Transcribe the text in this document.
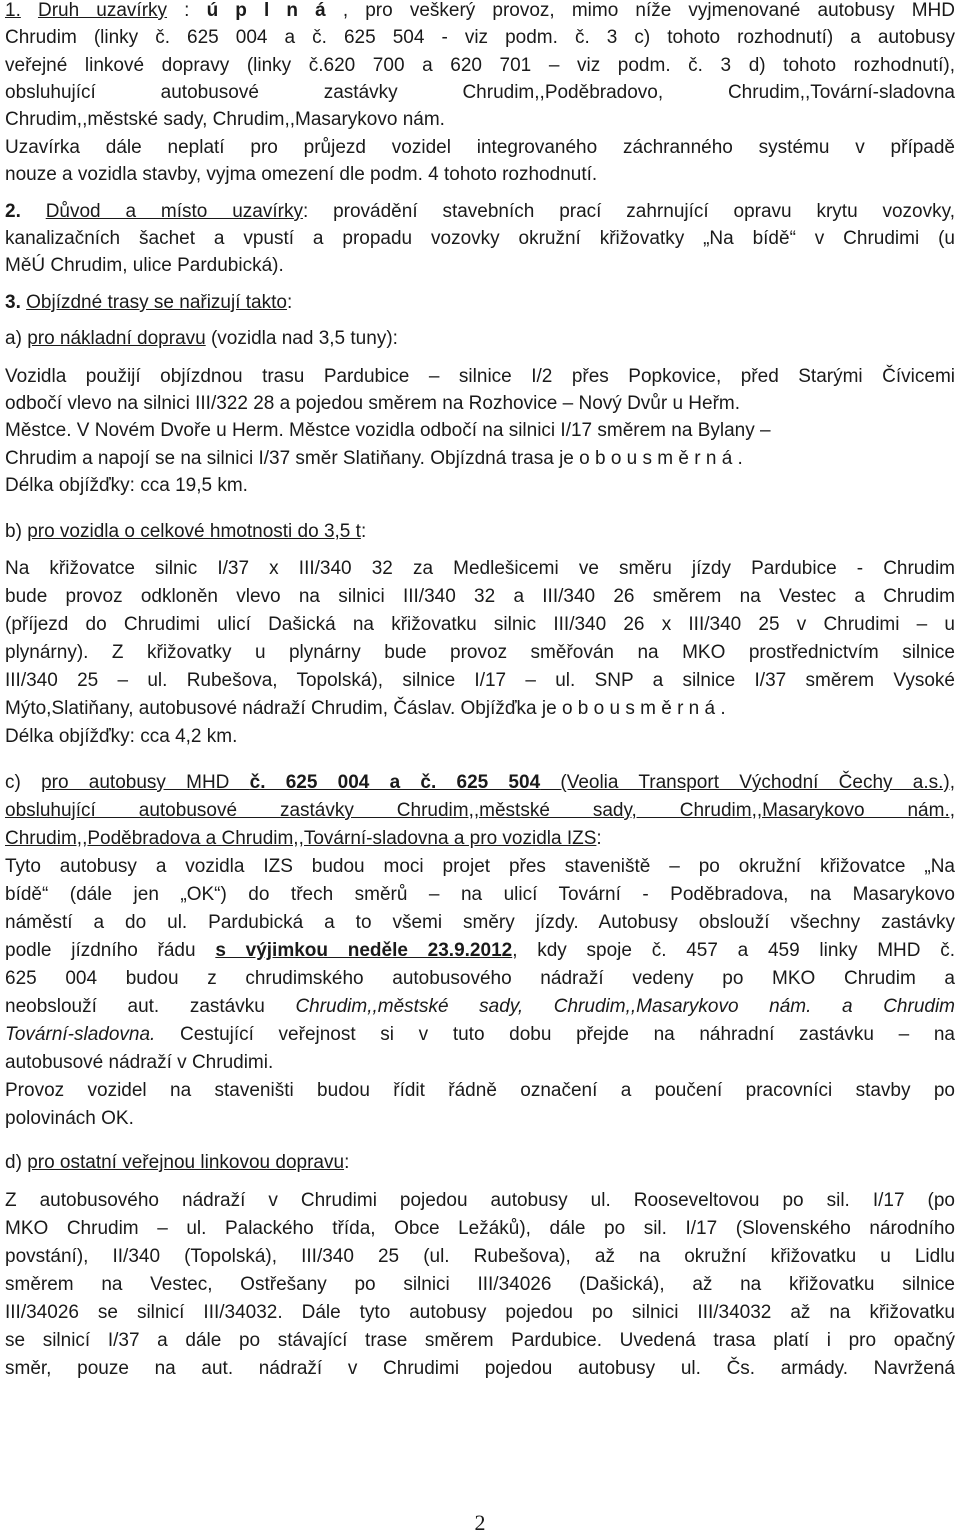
1. Druh uzavírky : ú p l n á , pro veškerý provoz, mimo níže vyjmenované autobusy MHD
Chrudim (linky č. 625 004 a č. 625 504 - viz podm. č. 3 c) tohoto rozhodnutí) a autobusy
veřejné linkové dopravy (linky č.620 700 a 620 701 – viz podm. č. 3 d) tohoto rozhodnutí),
obsluhující autobusové zastávky Chrudim,,Poděbradovo, Chrudim,,Tovární-sladovna
Chrudim,,městské sady, Chrudim,,Masarykovo nám.
Uzavírka dále neplatí pro průjezd vozidel integrovaného záchranného systému v případě
nouze a vozidla stavby, vyjma omezení dle podm. 4 tohoto rozhodnutí.
2. Důvod a místo uzavírky: provádění stavebních prací zahrnující opravu krytu vozovky,
kanalizačních šachet a vpustí a propadu vozovky okružní křižovatky „Na bídě“ v Chrudimi (u
MěÚ Chrudim, ulice Pardubická).
3. Objízdné trasy se nařizují takto:
a) pro nákladní dopravu (vozidla nad 3,5 tuny):
Vozidla použijí objízdnou trasu Pardubice – silnice I/2 přes Popkovice, před Starými Čívicemi
odbočí vlevo na silnici III/322 28 a pojedou směrem na Rozhovice – Nový Dvůr u Heřm.
Městce. V Novém Dvoře u Herm. Městce vozidla odbočí na silnici I/17 směrem na Bylany –
Chrudim a napojí se na silnici I/37 směr Slatiňany. Objízdná trasa je o b o u s m ě r n á .
Délka objížďky: cca 19,5 km.
b) pro vozidla o celkové hmotnosti do 3,5 t:
Na křižovatce silnic I/37 x III/340 32 za Medlešicemi ve směru jízdy Pardubice - Chrudim
bude provoz odkloněn vlevo na silnici III/340 32 a III/340 26 směrem na Vestec a Chrudim
(příjezd do Chrudimi ulicí Dašická na křižovatku silnic III/340 26 x III/340 25 v Chrudimi – u
plynárny). Z křižovatky u plynárny bude provoz směřován na MKO prostřednictvím silnice
III/340 25 – ul. Rubešova, Topolská), silnice I/17 – ul. SNP a silnice I/37 směrem Vysoké
Mýto,Slatiňany, autobusové nádraží Chrudim, Čáslav. Objížďka je o b o u s m ě r n á .
Délka objížďky: cca 4,2 km.
c) pro autobusy MHD č. 625 004 a č. 625 504 (Veolia Transport Východní Čechy a.s.),
obsluhující autobusové zastávky Chrudim,,městské sady, Chrudim,,Masarykovo nám.,
Chrudim,,Poděbradova a Chrudim,,Tovární-sladovna a pro vozidla IZS:
Tyto autobusy a vozidla IZS budou moci projet přes staveniště – po okružní křižovatce „Na
bídě“ (dále jen „OK“) do třech směrů – na ulicí Tovární - Poděbradova, na Masarykovo
náměstí a do ul. Pardubická a to všemi směry jízdy. Autobusy obslouží všechny zastávky
podle jízdního řádu s výjimkou neděle 23.9.2012, kdy spoje č. 457 a 459 linky MHD č.
625 004 budou z chrudimského autobusového nádraží vedeny po MKO Chrudim a
neobslouží aut. zastávku Chrudim,,městské sady, Chrudim,,Masarykovo nám. a Chrudim
Tovární-sladovna. Cestující veřejnost si v tuto dobu přejde na náhradní zastávku – na
autobusové nádraží v Chrudimi.
Provoz vozidel na staveništi budou řídit řádně označení a poučení pracovníci stavby po
polovinách OK.
d) pro ostatní veřejnou linkovou dopravu:
Z autobusového nádraží v Chrudimi pojedou autobusy ul. Rooseveltovou po sil. I/17 (po
MKO Chrudim – ul. Palackého třída, Obce Ležáků), dále po sil. I/17 (Slovenského národního
povstání), II/340 (Topolská), III/340 25 (ul. Rubešova), až na okružní křižovatku u Lidlu
směrem na Vestec, Ostřešany po silnici III/34026 (Dašická), až na křižovatku silnice
III/34026 se silnicí III/34032. Dále tyto autobusy pojedou po silnici III/34032 až na křižovatku
se silnicí I/37 a dále po stávající trase směrem Pardubice. Uvedená trasa platí i pro opačný
směr, pouze na aut. nádraží v Chrudimi pojedou autobusy ul. Čs. armády. Navržená
2
